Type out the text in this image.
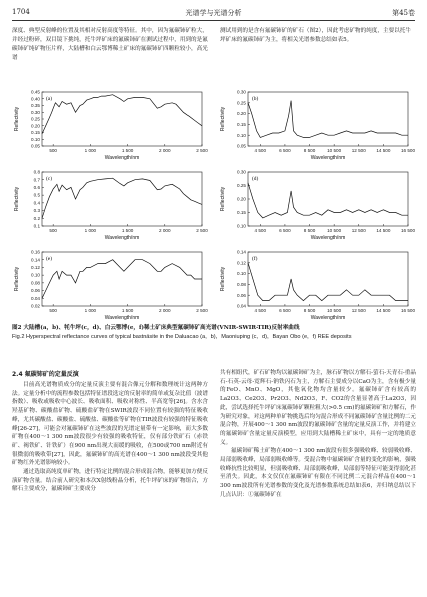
1704	光谱学与光谱分析	第45卷
深度、典型反射峰的位置及其相对反射高度等特征。其中，因为氟碳铈矿粒大，并经过粉碎，双目镜下挑纯，托牛坪矿床的氟碳铈矿在测试过程中，用到的是氟碳铈矿纯矿物压片样，大陆槽和白云鄂博稀土矿床的氟碳铈矿四颗粒较小，高光谱
测试用到的是含有氟碳铈矿的矿石（图2），因此考虑矿物的纯度，主要以托牛坪矿床的氟碳铈矿为主，将相关光谱参数总结如表5。
500	1 000	1 500	2 000	2 500
0.05
0.10
0.15
0.20
0.25
0.30
0.35
0.40
0.45
(a)
Wavelength/nm
Reflectivity
4 500	6 500	8 500	10 500 12 500 14 500 16 500
0.05
0.10
0.15
0.20
0.25
0.30
(b)
Wavelength/nm
Reflectivity
500	1 000	1 500	2 000	2 500
0.1
0.2
0.3
0.4
0.5
0.6
0.7
0.8
(c)
Wavelength/nm
Reflectivity
4 500	6 500	8 500	10 500 12 500 14 500 16 500
0.10
0.15
0.20
0.25
0.30
(d)
Wavelength/nm
Reflectivity
500	1 000	1 500	2 000	2 500
0.02
0.04
0.06
0.08
0.10
0.12
0.14
0.16
(e)
Wavelength/nm
Reflectivity
4 500	6 500	8 500	10 500 12 500 14 500 16 500
0.04
0.06
0.08
0.10
0.12
0.14
(f)
Wavelength/nm
Reflectivity
图2 大陆槽(a，b)、牦牛坪(c，d)、白云鄂博(e，f)稀土矿床典型氟碳铈矿高光谱(VNIR-SWIR-TIR)反射率曲线
Fig.2 Hyperspectral reflectance curves of typical bastnäsite in the Daluacao (a，b)，Maoniuping (c，d)，Bayan Obo (e，f) REE deposits
2.4 氟碳铈矿的定量反演

目前高光谱物质成分的定量反演主要有混合像元分解和数理统计这两种方法。定量分析中的流程参数包括特征谱段选定的反射率的简单或复杂比值（波谱指数）、吸收或吸收中心波长、吸收面积、吸收对称性、半高宽等[26]。含水含羟基矿物、碳酸盐矿物、硫酸盐矿物在SWIR波段不同位置有较强的特征吸收峰，尤其碳酸盐、碳酸盐、硫酸盐、碳酸盐等矿物在TIR波段有较强的特征吸收峰[26-27]，可能会对氟碳铈矿在这些波段的光谱定量带有一定影响，而大多数矿物在400～1 300 nm波段很少有较强的吸收特征，仅有部分铁矿石（赤铁矿、褐铁矿、针铁矿）在900 nm出现大而缓的吸收，在500或700 nm附近有很微弱的吸收带[27]，因此，氟碳铈矿的高光谱在400～1 300 nm波段受其他矿物红外光谱影响较小。

通过选取高纯度单矿物，进行特定比例的混合形成混合物，能够更加方便反演矿物含量。结合前人研究和本次X射线粉晶分析，托牛坪矿床的矿物组合，方解石主要成分，氟碳铈矿主要成分

共有相组代，矿石矿物均以氟碳铈矿为主，脉石矿物以方解石-萤石-天青石-重晶石-石英-云母-霓辉石-钠铁闪石为主，方解石主要成分以CaO为主，含有极少量的FeO、MnO、MgO，其他氧化物均含量较少。氟碳铈矿含有较高的La2O3、Ce2O3、Pr2O3、Nd2O3，F、CO2的含量显著高于La2O3，因此，尝试选择托牛坪矿床氟碳铈矿颗粒粗大(>0.5 cm)的氟碳铈矿和方解石，作为研究对象，对这两种单矿物挑选后均匀混合形成不同氟碳铈矿含量比例的二元混合物，开展400～1 300 nm波段的氟碳铈矿含量的定量反演工作，并将建立的氟碳铈矿含量定量反演模型，应用到大陆槽稀土矿床中，具有一定的地质意义。

氟碳铈矿稀土矿物在400～1 300 nm波段有很多强吸收峰、较弱吸收峰、局部弱吸收峰，局部弱吸收峰等。受混合物中氟碳铈矿含量的变化的影响，强吸收峰抗性比较明显，但弱吸收峰、局部弱吸收峰，局部弱等特征可能变得弱化甚至消失。因此，本文仅仅在氟碳铈矿有限在不同比例二元混合样品在400～1 300 nm波段所有光谱参数的变化及光谱参数系统总结如表6，并归纳总结以下几点认识：①氟碳铈矿在
